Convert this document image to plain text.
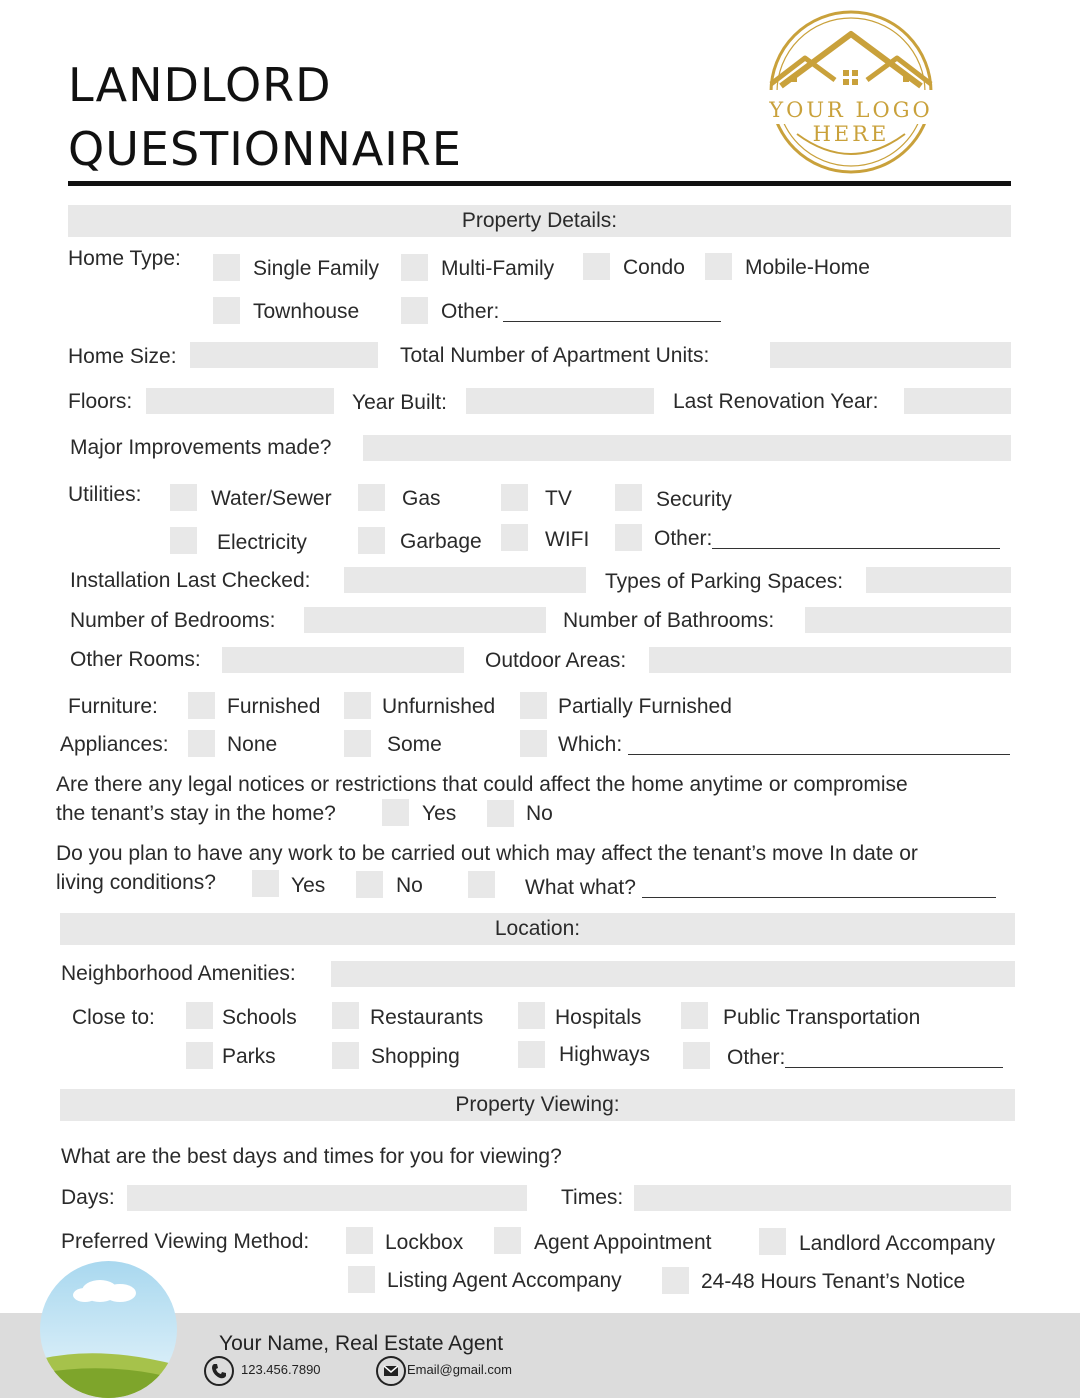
LANDLORD
QUESTIONNAIRE
YOUR LOGO HERE
Property Details:
Home Type:	Single Family	Multi-Family	Condo	Mobile-Home
Townhouse	Other:
Home Size:	Total Number of Apartment Units:
Floors:	Year Built:	Last Renovation Year:
Major Improvements made?
Utilities:	Water/Sewer	Gas	TV	Security
Electricity	Garbage	WIFI	Other:
Installation Last Checked:	Types of Parking Spaces:
Number of Bedrooms:	Number of Bathrooms:
Other Rooms:	Outdoor Areas:
Furniture:	Furnished	Unfurnished	Partially Furnished
Appliances:	None	Some	Which:
Are there any legal notices or restrictions that could affect the home anytime or compromise
the tenant’s stay in the home?	Yes	No
Do you plan to have any work to be carried out which may affect the tenant’s move In date or
living conditions?	Yes	No	What what?
Location:
Neighborhood Amenities:
Close to:	Schools	Restaurants	Hospitals	Public Transportation
Parks	Shopping	Highways	Other:
Property Viewing:
What are the best days and times for you for viewing?
Days:	Times:
Preferred Viewing Method:	Lockbox	Agent Appointment	Landlord Accompany
Listing Agent Accompany	24-48 Hours Tenant’s Notice
Your Name, Real Estate Agent
123.456.7890	Email@gmail.com
